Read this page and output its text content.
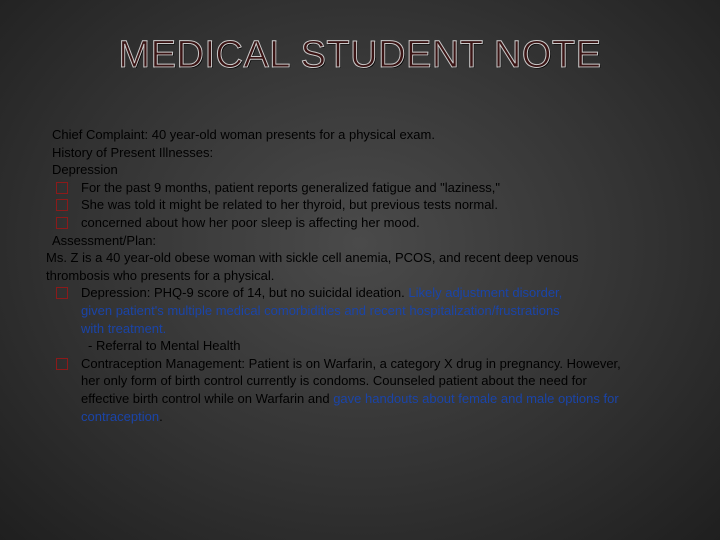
MEDICAL STUDENT NOTE
Chief Complaint: 40 year-old woman presents for a physical exam.
History of Present Illnesses:
Depression
For the past 9 months, patient reports generalized fatigue and "laziness,"
She was told it might be related to her thyroid, but previous tests normal.
concerned about how her poor sleep is affecting her mood.
Assessment/Plan:
Ms. Z is a 40 year-old obese woman with sickle cell anemia, PCOS, and recent deep venous thrombosis who presents for a physical.
Depression: PHQ-9 score of 14, but no suicidal ideation. Likely adjustment disorder, given patient's multiple medical comorbidities and recent hospitalization/frustrations with treatment.
- Referral to Mental Health
Contraception Management: Patient is on Warfarin, a category X drug in pregnancy. However, her only form of birth control currently is condoms. Counseled patient about the need for effective birth control while on Warfarin and gave handouts about female and male options for contraception.
